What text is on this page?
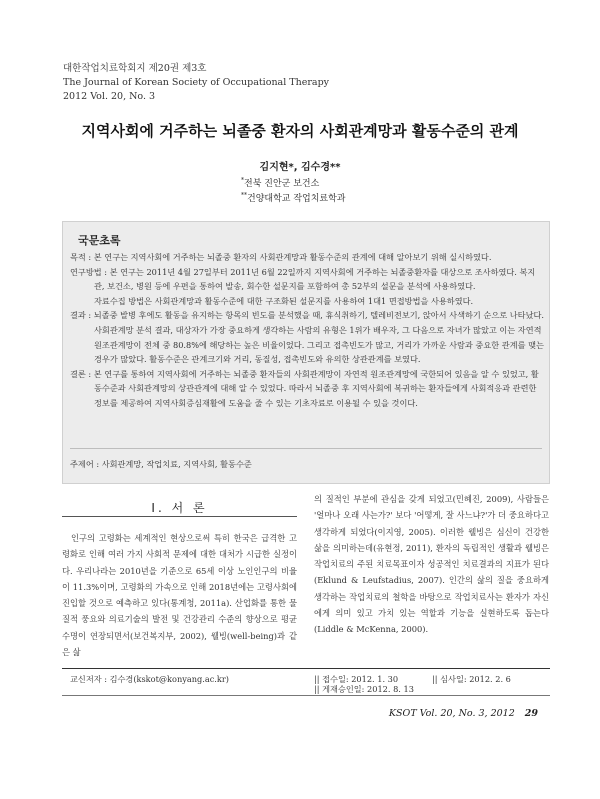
대한작업치료학회지 제20권 제3호
The Journal of Korean Society of Occupational Therapy
2012 Vol. 20, No. 3
지역사회에 거주하는 뇌졸중 환자의 사회관계망과 활동수준의 관계
김지현*, 김수경**
*전북 진안군 보건소
**건양대학교 작업치료학과
국문초록

목적 : 본 연구는 지역사회에 거주하는 뇌졸중 환자의 사회관계망과 활동수준의 관계에 대해 알아보기 위해 실시하였다.

연구방법 : 본 연구는 2011년 4월 27일부터 2011년 6월 22일까지 지역사회에 거주하는 뇌졸중환자를 대상으로 조사하였다. 복지관, 보건소, 병원 등에 우편을 통하여 발송, 회수한 설문지를 포함하여 총 52부의 설문을 분석에 사용하였다.

자료수집 방법은 사회관계망과 활동수준에 대한 구조화된 설문지를 사용하여 1대1 면접방법을 사용하였다.

결과 : 뇌졸중 발병 후에도 활동을 유지하는 항목의 빈도를 분석했을 때, 휴식취하기, 텔레비전보기, 앉아서 사색하기 순으로 나타났다. 사회관계망 분석 결과, 대상자가 가장 중요하게 생각하는 사람의 유형은 1위가 배우자, 그 다음으로 자녀가 많았고 이는 자연적 원조관계망이 전체 중 80.8%에 해당하는 높은 비율이었다. 그리고 접촉빈도가 많고, 거리가 가까운 사람과 중요한 관계를 맺는 경우가 많았다. 활동수준은 관계크기와 거리, 동질성, 접촉빈도와 유의한 상관관계를 보였다.

결론 : 본 연구를 통하여 지역사회에 거주하는 뇌졸중 환자들의 사회관계망이 자연적 원조관계망에 국한되어 있음을 알 수 있었고, 활동수준과 사회관계망의 상관관계에 대해 알 수 있었다. 따라서 뇌졸중 후 지역사회에 복귀하는 환자들에게 사회적응과 관련한 정보를 제공하여 지역사회증심재활에 도움을 줄 수 있는 기초자료로 이용될 수 있을 것이다.

주제어 : 사회관계망, 작업치료, 지역사회, 활동수준
I. 서 론

인구의 고령화는 세계적인 현상으로써 특히 한국은 급격한 고령화로 인해 여러 가지 사회적 문제에 대한 대처가 시급한 실정이다. 우리나라는 2010년을 기준으로 65세 이상 노인인구의 비율이 11.3%이며, 고령화의 가속으로 인해 2018년에는 고령사회에 진입할 것으로 예측하고 있다(통계청, 2011a). 산업화를 통한 물질적 풍요와 의료기술의 발전 및 건강관리 수준의 향상으로 평균수명이 연장되면서(보건복지부, 2002), 웰빙(well-being)과 같은 삶

의 질적인 부분에 관심을 갖게 되었고(민혜진, 2009), 사람들은 '얼마나 오래 사는가?' 보다 '어떻게, 잘 사느냐?'가 더 중요하다고 생각하게 되었다(이지영, 2005). 이러한 웰빙은 심신이 건강한 삶을 의미하는데(유현정, 2011), 환자의 독립적인 생활과 웰빙은 작업치료의 주된 치료목표이자 성공적인 치료결과의 지표가 된다(Eklund & Leufstadius, 2007). 인간의 삶의 질을 중요하게 생각하는 작업치료의 철학을 바탕으로 작업치료사는 환자가 자신에게 의미 있고 가치 있는 역할과 기능을 실현하도록 돕는다(Liddle & McKenna, 2000).

교신저자 : 김수경(kskot@konyang.ac.kr)	|| 접수일: 2012. 1. 30	|| 심사일: 2012. 2. 6
|| 게재승인일: 2012. 8. 13
KSOT Vol. 20, No. 3, 2012 29
